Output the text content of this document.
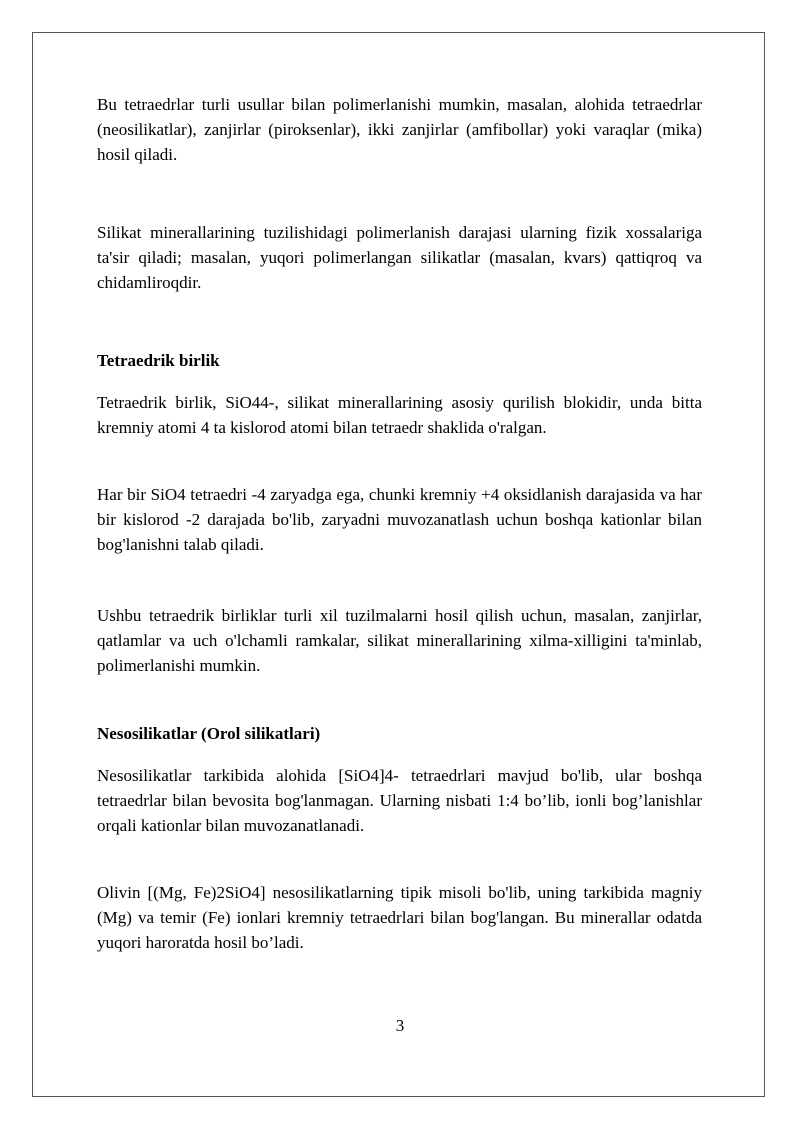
Bu tetraedrlar turli usullar bilan polimerlanishi mumkin, masalan, alohida tetraedrlar (neosilikatlar), zanjirlar (piroksenlar), ikki zanjirlar (amfibollar) yoki varaqlar (mika) hosil qiladi.

Silikat minerallarining tuzilishidagi polimerlanish darajasi ularning fizik xossalariga ta'sir qiladi; masalan, yuqori polimerlangan silikatlar (masalan, kvars) qattiqroq va chidamliroqdir.

Tetraedrik birlik

Tetraedrik birlik, SiO44-, silikat minerallarining asosiy qurilish blokidir, unda bitta kremniy atomi 4 ta kislorod atomi bilan tetraedr shaklida o'ralgan.

Har bir SiO4 tetraedri -4 zaryadga ega, chunki kremniy +4 oksidlanish darajasida va har bir kislorod -2 darajada bo'lib, zaryadni muvozanatlash uchun boshqa kationlar bilan bog'lanishni talab qiladi.

Ushbu tetraedrik birliklar turli xil tuzilmalarni hosil qilish uchun, masalan, zanjirlar, qatlamlar va uch o'lchamli ramkalar, silikat minerallarining xilma-xilligini ta'minlab, polimerlanishi mumkin.

Nesosilikatlar (Orol silikatlari)

Nesosilikatlar tarkibida alohida [SiO4]4- tetraedrlari mavjud bo'lib, ular boshqa tetraedrlar bilan bevosita bog'lanmagan. Ularning nisbati 1:4 bo’lib, ionli bog’lanishlar orqali kationlar bilan muvozanatlanadi.

Olivin [(Mg, Fe)2SiO4] nesosilikatlarning tipik misoli bo'lib, uning tarkibida magniy (Mg) va temir (Fe) ionlari kremniy tetraedrlari bilan bog'langan. Bu minerallar odatda yuqori haroratda hosil bo’ladi.

3
